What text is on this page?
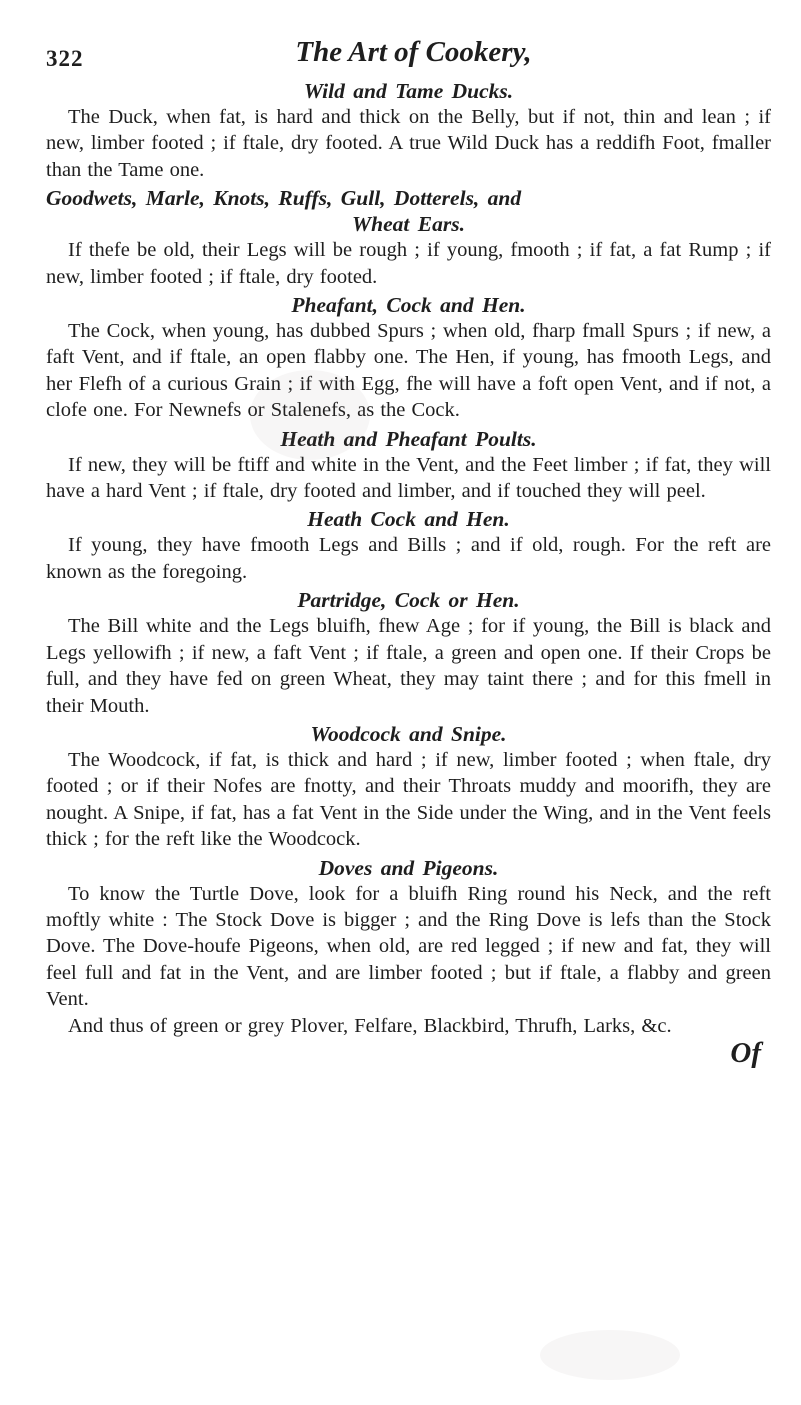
322	The Art of Cookery,
Wild and Tame Ducks.

The Duck, when fat, is hard and thick on the Belly, but if not, thin and lean ; if new, limber footed ; if ftale, dry footed. A true Wild Duck has a reddifh Foot, fmaller than the Tame one.

Goodwets, Marle, Knots, Ruffs, Gull, Dotterels, and
Wheat Ears.

If thefe be old, their Legs will be rough ; if young, fmooth ; if fat, a fat Rump ; if new, limber footed ; if ftale, dry footed.

Pheafant, Cock and Hen.

The Cock, when young, has dubbed Spurs ; when old, fharp fmall Spurs ; if new, a faft Vent, and if ftale, an open flabby one. The Hen, if young, has fmooth Legs, and her Flefh of a curious Grain ; if with Egg, fhe will have a foft open Vent, and if not, a clofe one. For Newnefs or Stalenefs, as the Cock.

Heath and Pheafant Poults.

If new, they will be ftiff and white in the Vent, and the Feet limber ; if fat, they will have a hard Vent ; if ftale, dry footed and limber, and if touched they will peel.

Heath Cock and Hen.

If young, they have fmooth Legs and Bills ; and if old, rough. For the reft are known as the foregoing.

Partridge, Cock or Hen.

The Bill white and the Legs bluifh, fhew Age ; for if young, the Bill is black and Legs yellowifh ; if new, a faft Vent ; if ftale, a green and open one. If their Crops be full, and they have fed on green Wheat, they may taint there ; and for this fmell in their Mouth.

Woodcock and Snipe.

The Woodcock, if fat, is thick and hard ; if new, limber footed ; when ftale, dry footed ; or if their Nofes are fnotty, and their Throats muddy and moorifh, they are nought. A Snipe, if fat, has a fat Vent in the Side under the Wing, and in the Vent feels thick ; for the reft like the Woodcock.

Doves and Pigeons.

To know the Turtle Dove, look for a bluifh Ring round his Neck, and the reft moftly white : The Stock Dove is bigger ; and the Ring Dove is lefs than the Stock Dove. The Dove-houfe Pigeons, when old, are red legged ; if new and fat, they will feel full and fat in the Vent, and are limber footed ; but if ftale, a flabby and green Vent.

And thus of green or grey Plover, Felfare, Blackbird, Thrufh, Larks, &c.

Of
